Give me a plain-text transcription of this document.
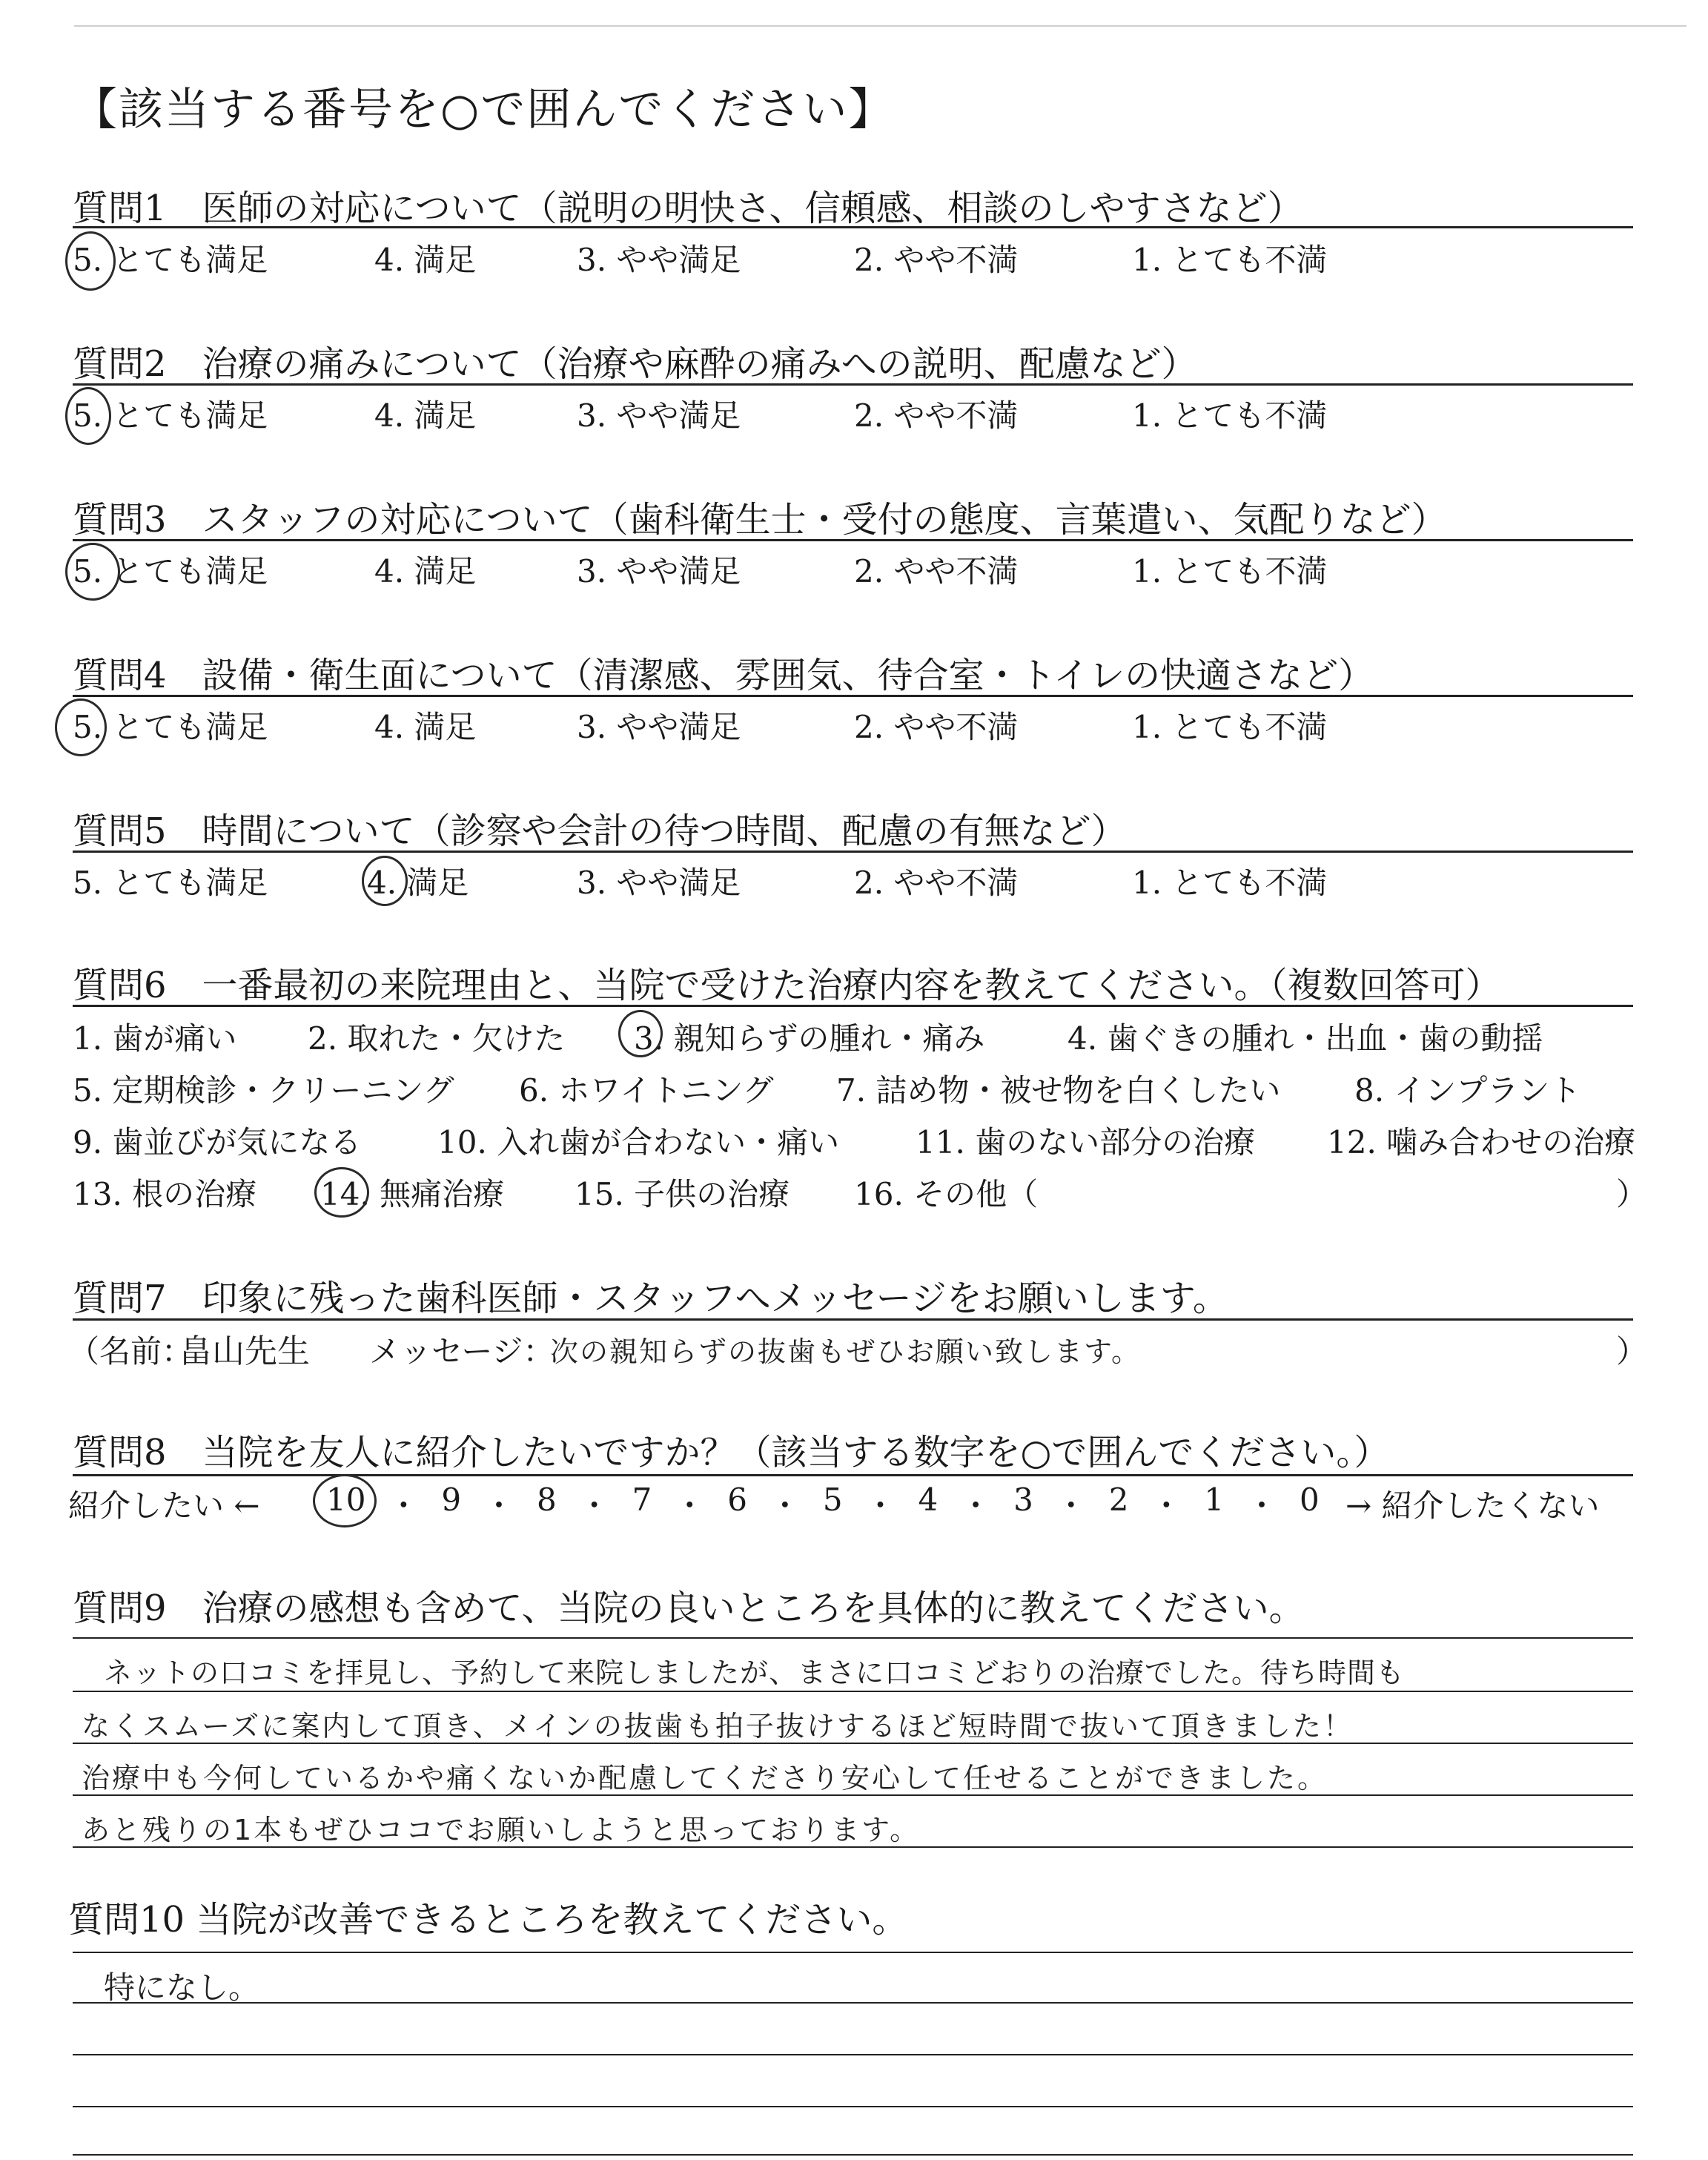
【該当する番号を○で囲んでください】
質問1　医師の対応について（説明の明快さ、信頼感、相談のしやすさなど）
5. とても満足	4. 満足	3. やや満足	2. やや不満	1. とても不満
質問2　治療の痛みについて（治療や麻酔の痛みへの説明、配慮など）
5. とても満足	4. 満足	3. やや満足	2. やや不満	1. とても不満
質問3　スタッフの対応について（歯科衛生士・受付の態度、言葉遣い、気配りなど）
5. とても満足	4. 満足	3. やや満足	2. やや不満	1. とても不満
質問4　設備・衛生面について（清潔感、雰囲気、待合室・トイレの快適さなど）
5. とても満足	4. 満足	3. やや満足	2. やや不満	1. とても不満
質問5　時間について（診察や会計の待つ時間、配慮の有無など）
5. とても満足	4. 満足	3. やや満足	2. やや不満	1. とても不満
質問6　一番最初の来院理由と、当院で受けた治療内容を教えてください。（複数回答可）
1. 歯が痛い 2. 取れた・欠けた 3. 親知らずの腫れ・痛み	4. 歯ぐきの腫れ・出血・歯の動揺
5. 定期検診・クリーニング 6. ホワイトニング 7. 詰め物・被せ物を白くしたい 8. インプラント
9. 歯並びが気になる 10. 入れ歯が合わない・痛い 11. 歯のない部分の治療 12. 噛み合わせの治療
13. 根の治療 14. 無痛治療 15. 子供の治療 16. その他（	）
質問7　印象に残った歯科医師・スタッフへメッセージをお願いします。
（名前：
畠山先生 メッセージ：
次の親知らずの抜歯もぜひお願い致します。	）
質問8　当院を友人に紹介したいですか？（該当する数字を○で囲んでください。）
紹介したい ← 10 ・ 9 ・ 8 ・ 7 ・ 6 ・ 5 ・ 4 ・ 3 ・ 2 ・ 1 ・ 0 → 紹介したくない
質問9　治療の感想も含めて、当院の良いところを具体的に教えてください。
ネットの口コミを拝見し、予約して来院しましたが、まさに口コミどおりの治療でした。待ち時間も
なくスムーズに案内して頂き、メインの抜歯も拍子抜けするほど短時間で抜いて頂きました！
治療中も今何しているかや痛くないか配慮してくださり安心して任せることができました。
あと残りの1本もぜひココでお願いしようと思っております。
質問10 当院が改善できるところを教えてください。
特になし。
